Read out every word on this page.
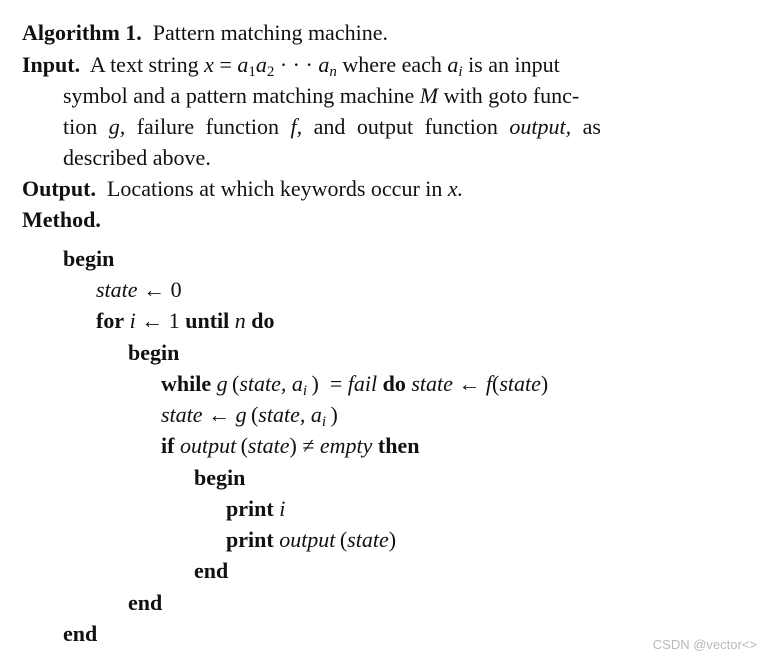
Algorithm 1. Pattern matching machine.
Input. A text string $x = a_1a_2$ · · · $a_n$ where each $a_i$ is an input
symbol and a pattern matching machine M with goto func-
tion g, failure function f, and output function output, as
described above.
Output. Locations at which keywords occur in x.
Method.
begin
state ← 0
for i ← 1 until n do
begin
while g  (state, $a_i$  ) = fail do state ← f(state)
state ← g  (state, $a_i$  )
if output  (state) ≠ empty then
begin
print i
print output  (state)
end
end
end	CSDN @vector<>
